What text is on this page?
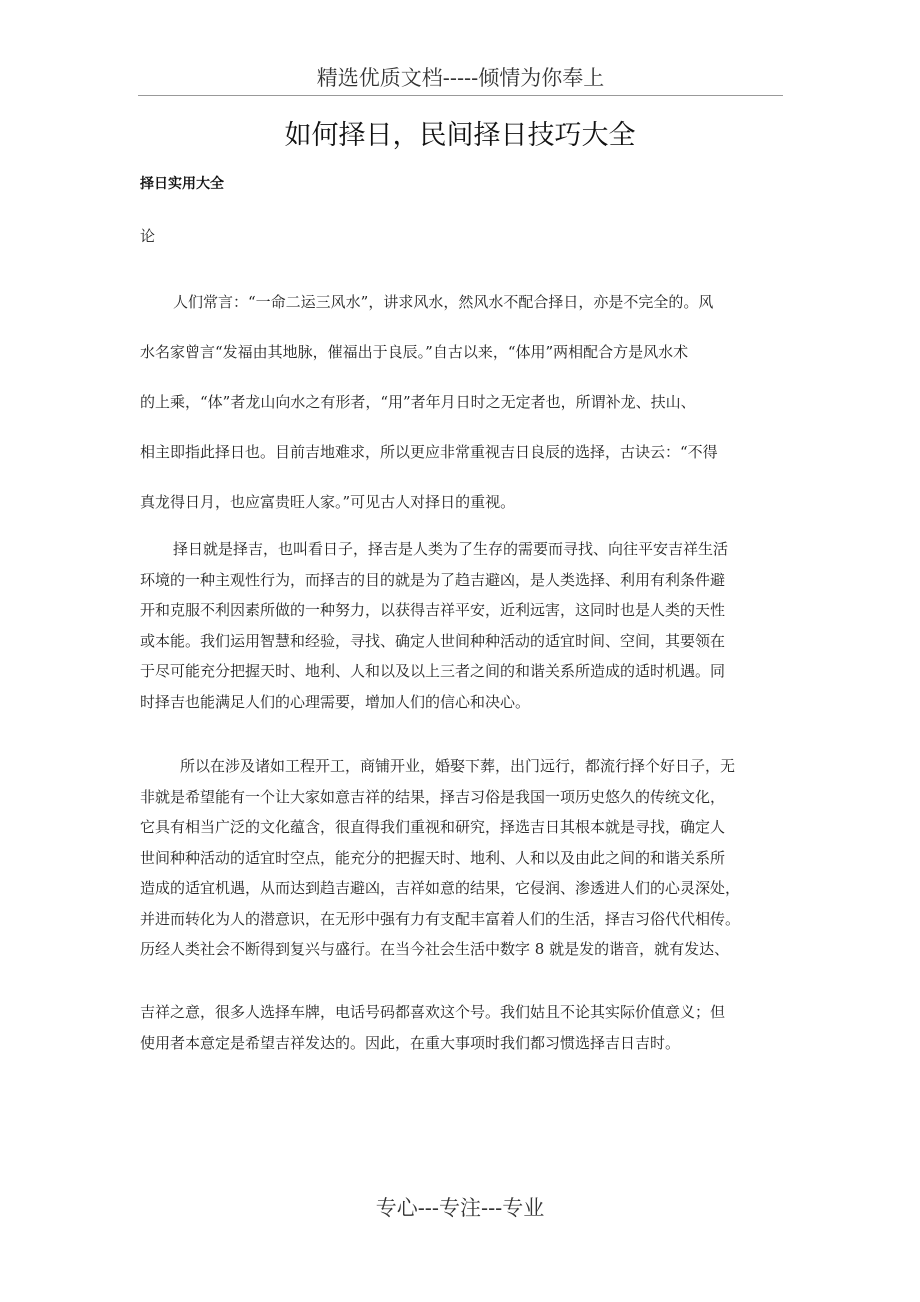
精选优质文档-----倾情为你奉上
如何择日，民间择日技巧大全
择日实用大全
论
人们常言：“一命二运三风水”，讲求风水，然风水不配合择日，亦是不完全的。风
水名家曾言“发福由其地脉，催福出于良辰。”自古以来，“体用”两相配合方是风水术
的上乘，“体”者龙山向水之有形者，“用”者年月日时之无定者也，所谓补龙、扶山、
相主即指此择日也。目前吉地难求，所以更应非常重视吉日良辰的选择，古诀云：“不得
真龙得日月，也应富贵旺人家。”可见古人对择日的重视。
择日就是择吉，也叫看日子，择吉是人类为了生存的需要而寻找、向往平安吉祥生活
环境的一种主观性行为，而择吉的目的就是为了趋吉避凶，是人类选择、利用有利条件避
开和克服不利因素所做的一种努力，以获得吉祥平安，近利远害，这同时也是人类的天性
或本能。我们运用智慧和经验，寻找、确定人世间种种活动的适宜时间、空间，其要领在
于尽可能充分把握天时、地利、人和以及以上三者之间的和谐关系所造成的适时机遇。同
时择吉也能满足人们的心理需要，增加人们的信心和决心。
所以在涉及诸如工程开工，商铺开业，婚娶下葬，出门远行，都流行择个好日子，无
非就是希望能有一个让大家如意吉祥的结果，择吉习俗是我国一项历史悠久的传统文化，
它具有相当广泛的文化蕴含，很直得我们重视和研究，择选吉日其根本就是寻找，确定人
世间种种活动的适宜时空点，能充分的把握天时、地利、人和以及由此之间的和谐关系所
造成的适宜机遇，从而达到趋吉避凶，吉祥如意的结果，它侵润、渗透进人们的心灵深处，
并进而转化为人的潜意识，在无形中强有力有支配丰富着人们的生活，择吉习俗代代相传。
历经人类社会不断得到复兴与盛行。在当今社会生活中数字 8 就是发的谐音，就有发达、
吉祥之意，很多人选择车牌，电话号码都喜欢这个号。我们姑且不论其实际价值意义；但
使用者本意定是希望吉祥发达的。因此，在重大事项时我们都习惯选择吉日吉时。
专心---专注---专业
